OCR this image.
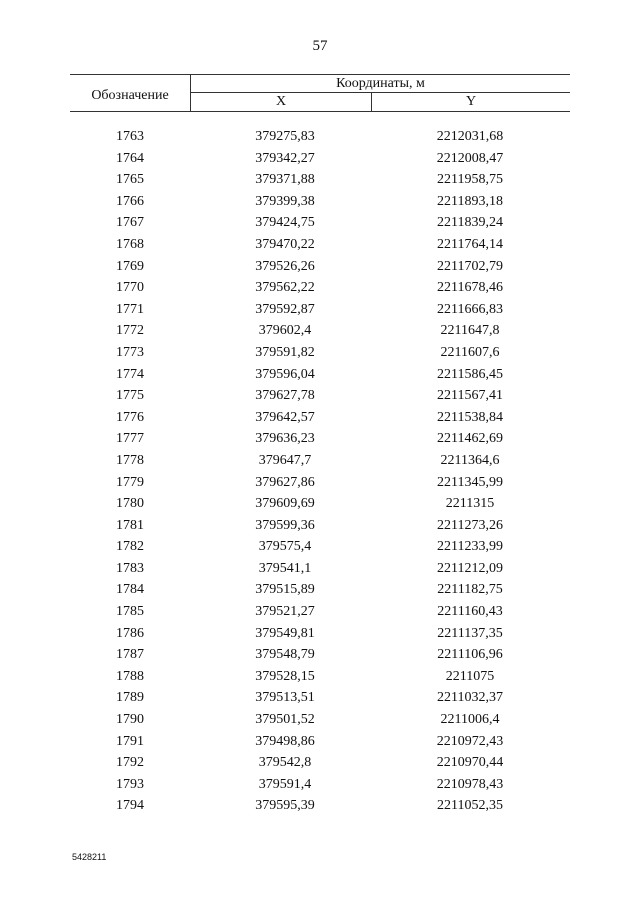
57
Обозначение
Координаты, м
X	Y
1763	379275,83	2212031,68
1764	379342,27	2212008,47
1765	379371,88	2211958,75
1766	379399,38	2211893,18
1767	379424,75	2211839,24
1768	379470,22	2211764,14
1769	379526,26	2211702,79
1770	379562,22	2211678,46
1771	379592,87	2211666,83
1772	379602,4	2211647,8
1773	379591,82	2211607,6
1774	379596,04	2211586,45
1775	379627,78	2211567,41
1776	379642,57	2211538,84
1777	379636,23	2211462,69
1778	379647,7	2211364,6
1779	379627,86	2211345,99
1780	379609,69	2211315
1781	379599,36	2211273,26
1782	379575,4	2211233,99
1783	379541,1	2211212,09
1784	379515,89	2211182,75
1785	379521,27	2211160,43
1786	379549,81	2211137,35
1787	379548,79	2211106,96
1788	379528,15	2211075
1789	379513,51	2211032,37
1790	379501,52	2211006,4
1791	379498,86	2210972,43
1792	379542,8	2210970,44
1793	379591,4	2210978,43
1794	379595,39	2211052,35
5428211
